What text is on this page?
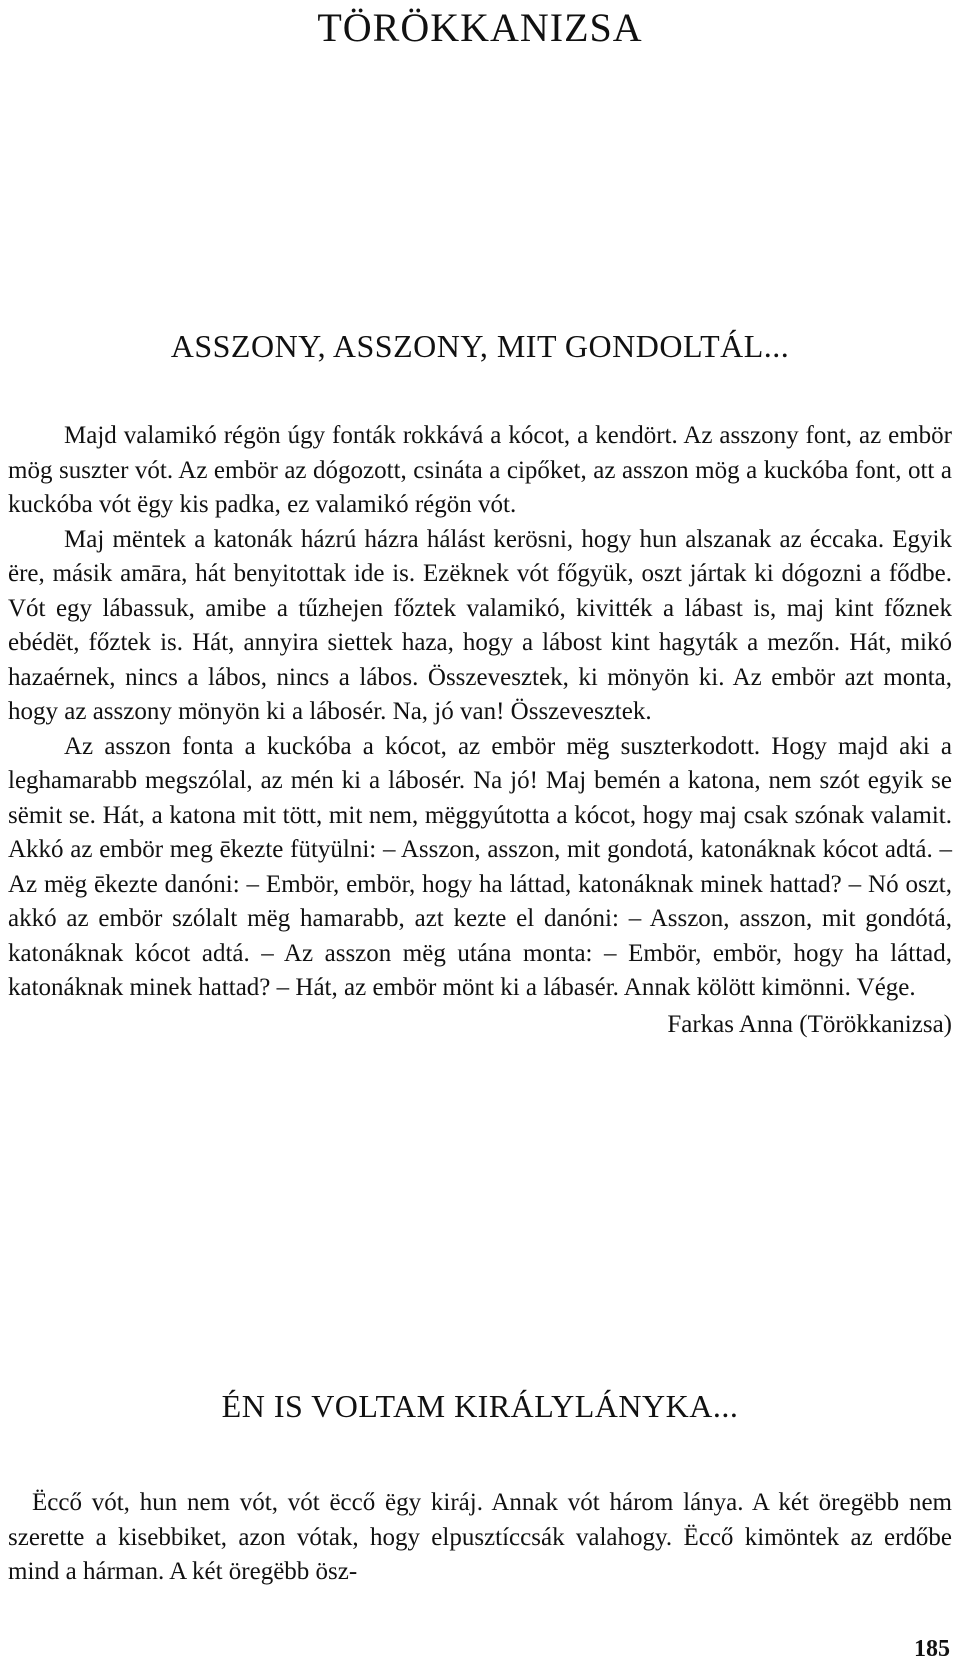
TÖRÖKKANIZSA
ASSZONY, ASSZONY, MIT GONDOLTÁL...

Majd valamikó régön úgy fonták rokkává a kócot, a kendört. Az asszony font, az embör mög suszter vót. Az embör az dógozott, csináta a cipőket, az asszon mög a kuckóba font, ott a kuckóba vót ëgy kis padka, ez valamikó régön vót.

Maj mëntek a katonák házrú házra hálást kerösni, hogy hun alszanak az éccaka. Egyik ëre, másik amāra, hát benyitottak ide is. Ezëknek vót főgyük, oszt jártak ki dógozni a fődbe. Vót egy lábassuk, amibe a tűzhejen főztek valamikó, kivitték a lábast is, maj kint főznek ebédët, főztek is. Hát, annyira siettek haza, hogy a lábost kint hagyták a mezőn. Hát, mikó hazaérnek, nincs a lábos, nincs a lábos. Összevesztek, ki mönyön ki. Az embör azt monta, hogy az asszony mönyön ki a lábosér. Na, jó van! Összevesztek.

Az asszon fonta a kuckóba a kócot, az embör mëg suszterkodott. Hogy majd aki a leghamarabb megszólal, az mén ki a lábosér. Na jó! Maj bemén a katona, nem szót egyik se sëmit se. Hát, a katona mit tött, mit nem, mëggyútotta a kócot, hogy maj csak szónak valamit. Akkó az embör meg ēkezte fütyülni: – Asszon, asszon, mit gondotá, katonáknak kócot adtá. – Az mëg ēkezte danóni: – Embör, embör, hogy ha láttad, katonáknak minek hattad? – Nó oszt, akkó az embör szólalt mëg hamarabb, azt kezte el danóni: – Asszon, asszon, mit gondótá, katonáknak kócot adtá. – Az asszon mëg utána monta: – Embör, embör, hogy ha láttad, katonáknak minek hattad? – Hát, az embör mönt ki a lábasér. Annak kölött kimönni. Vége.

Farkas Anna (Törökkanizsa)
ÉN IS VOLTAM KIRÁLYLÁNYKA...

Ëccő vót, hun nem vót, vót ëccő ëgy kiráj. Annak vót három lánya. A két öregëbb nem szerette a kisebbiket, azon vótak, hogy elpusztíccsák valahogy. Ëccő kimöntek az erdőbe mind a hárman. A két öregëbb ösz-

185
